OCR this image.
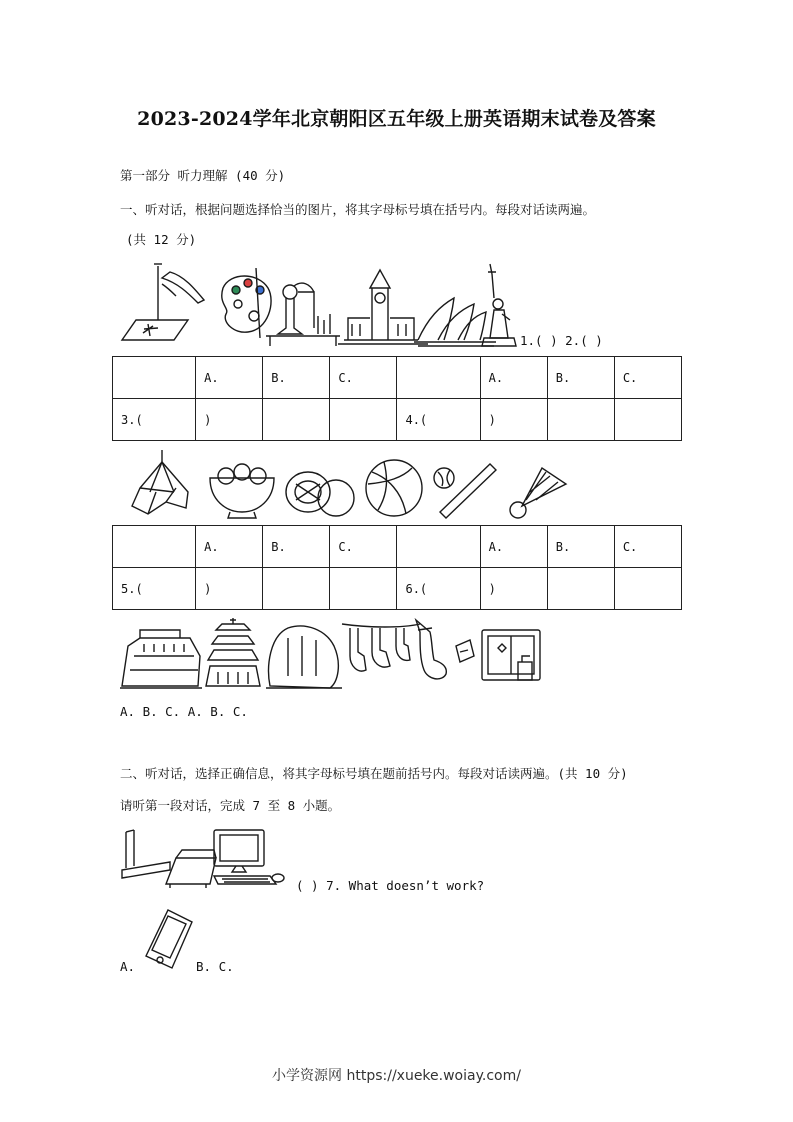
2023-2024学年北京朝阳区五年级上册英语期末试卷及答案
第一部分 听力理解 (40 分)
一、听对话，根据问题选择恰当的图片，将其字母标号填在括号内。每段对话读两遍。
(共 12 分)
1.( ) 2.( )
	A.	B.	C.		A.	B.	C.
3.(	)			4.(	)		
	A.	B.	C.		A.	B.	C.
5.(	)			6.(	)		
A. B. C. A. B. C.
二、听对话，选择正确信息，将其字母标号填在题前括号内。每段对话读两遍。(共 10 分)
请听第一段对话，完成 7 至 8 小题。
( ) 7. What doesn’t work?
A.	B. C.
小学资源网 https://xueke.woiay.com/
